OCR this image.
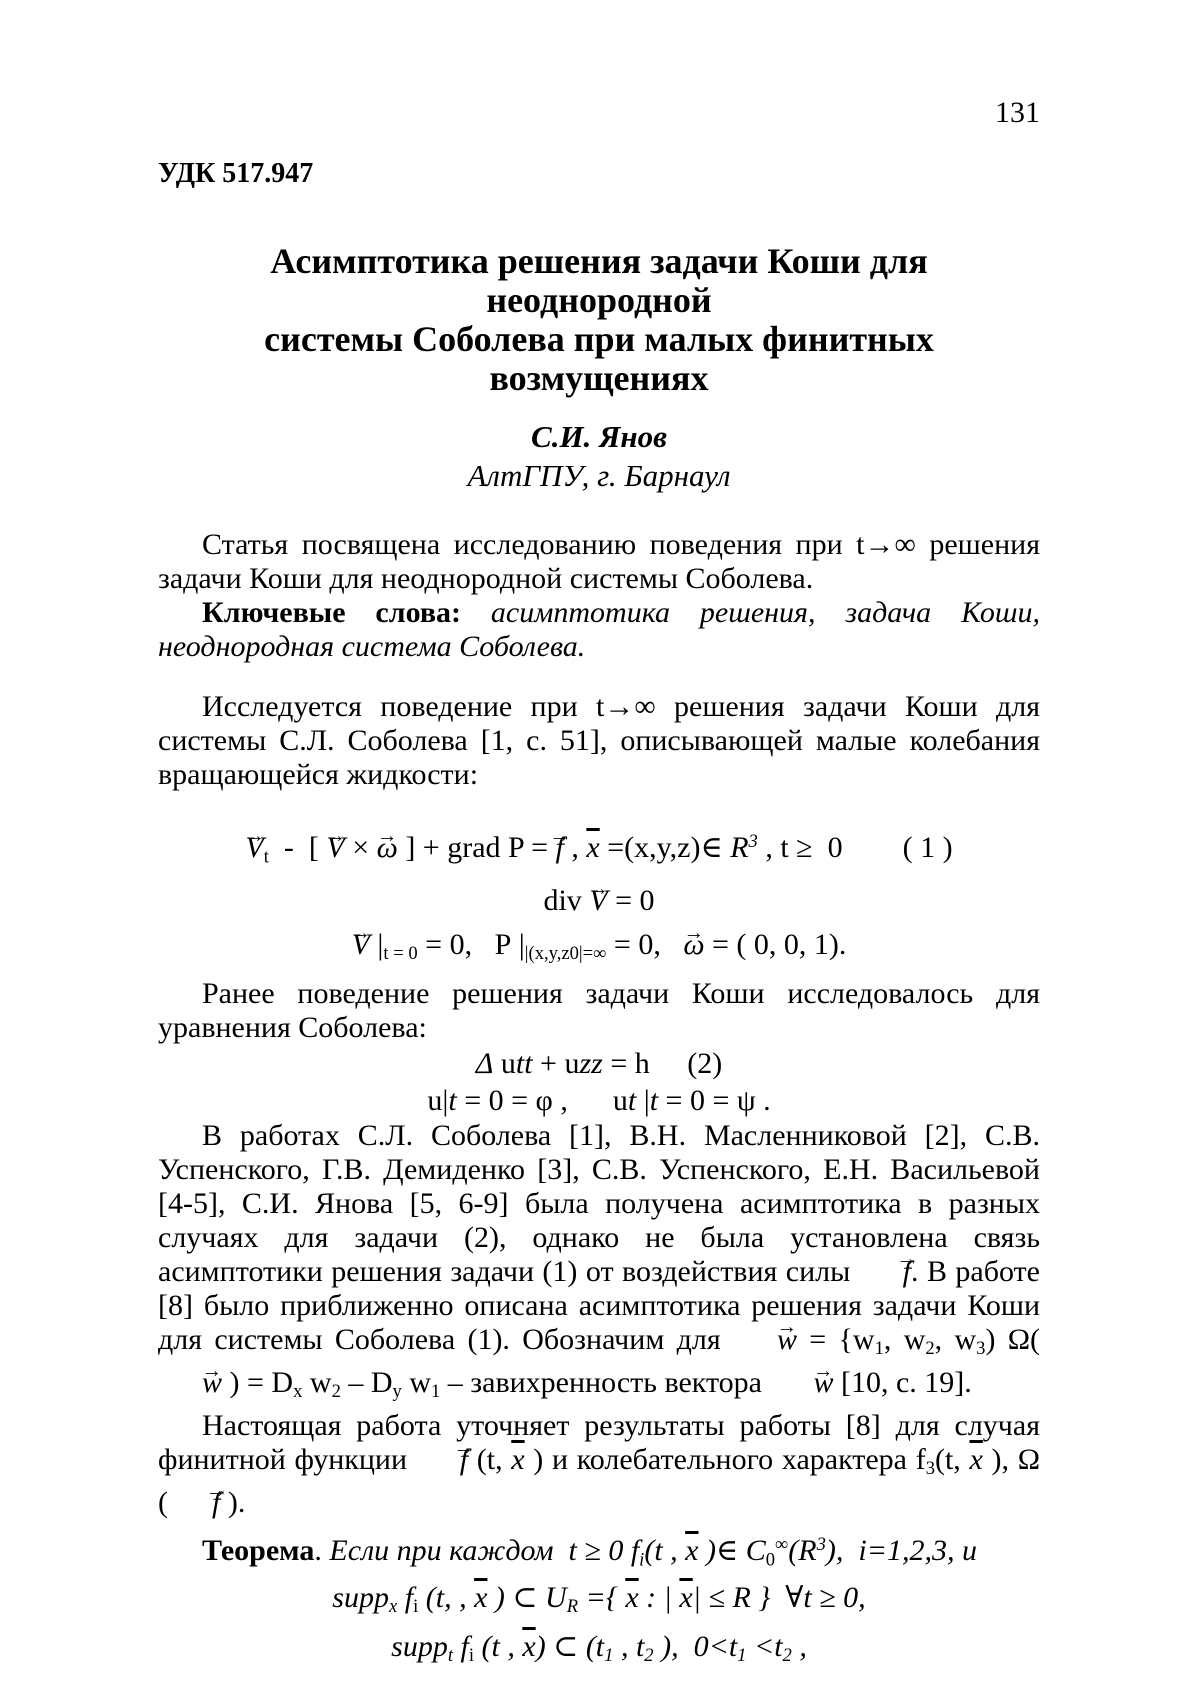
131
УДК 517.947
Асимптотика решения задачи Коши для неоднородной
системы Соболева при малых финитных возмущениях
С.И. Янов
АлтГПУ, г. Барнаул
Статья посвящена исследованию поведения при t→∞ решения задачи Коши для неоднородной системы Соболева.
Ключевые слова: асимптотика решения, задача Коши, неоднородная система Соболева.
Исследуется поведение при t→∞ решения задачи Коши для системы С.Л. Соболева [1, с. 51], описывающей малые колебания вращающейся жидкости:
→ $V_t$  -  [ → V × → ω ] + grad P = → f , $\overline{x}$ =(x,y,z)∈ $R^3$ , t ≥  0        ( 1 )
div → V = 0
→ V $|_{t = 0} = 0$,   P $|_{|(x,y,z0|=\infty} = 0$, → ω = ( 0, 0, 1).
Ранее поведение решения задачи Коши исследовалось для уравнения Соболева:
Δ utt + uzz = h     (2)
u|t = 0 = φ ,      ut |t = 0 = ψ .
В работах С.Л. Соболева [1], В.Н. Масленниковой [2], С.В. Успенского, Г.В. Демиденко [3], С.В. Успенского, Е.Н. Васильевой [4-5], С.И. Янова [5, 6-9] была получена асимптотика в разных случаях для задачи (2), однако не была установлена связь асимптотики решения задачи (1) от воздействия силы → f. В работе [8] было приближенно описана асимптотика решения задачи Коши для системы Соболева (1). Обозначим для → $w = \{w_1$, $w_2$, $w_3$) Ω( → w ) = $D_x$ $w_2 - D_y$ $w_1$ – завихренность вектора → w [10, с. 19].
Настоящая работа уточняет результаты работы [8] для случая финитной функции → f (t, $\overline{x}$ ) и колебательного характера $f_3(t$, $\overline{x}$ ), Ω ( → f ).
Теорема. Если при каждом  t ≥ 0 $f_i(t$ , $\overline{x}$ )∈ $C_0^\infty(R^3)$,  i=1,2,3, и
supp$_x$ $f_i$ (t, , $\overline{x}$ ) ⊂ $U_R$ ={ $\overline{x}$ : | $\overline{x}| \le R$ }  ∀t ≥ 0,
supp$_t$ $f_i$ (t , $\overline{x}$) ⊂ ($t_1$ , $t_2$ ),  $0<t_1 <t_2$ ,
